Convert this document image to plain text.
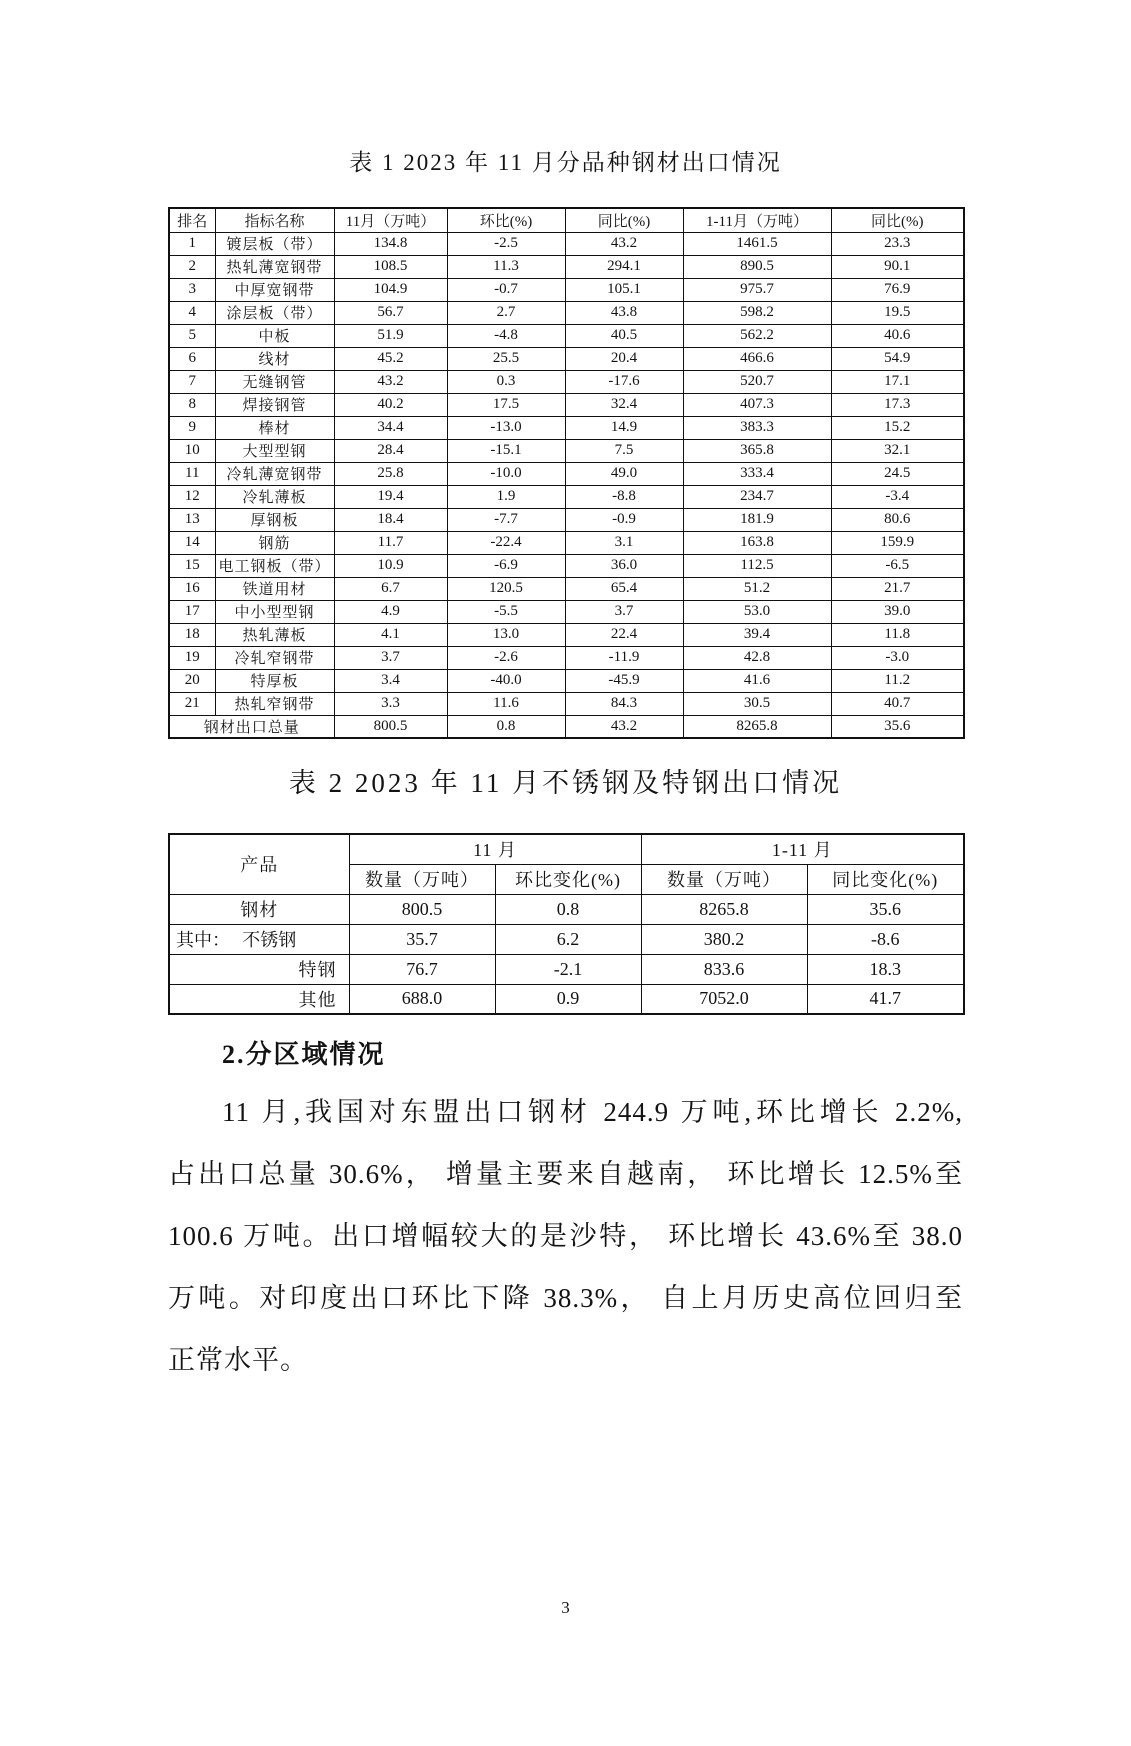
表 1 2023 年 11 月分品种钢材出口情况
排名	指标名称	11月（万吨）	环比(%)	同比(%)	1-11月（万吨）	同比(%)
1	镀层板（带）	134.8	-2.5	43.2	1461.5	23.3
2	热轧薄宽钢带	108.5	11.3	294.1	890.5	90.1
3	中厚宽钢带	104.9	-0.7	105.1	975.7	76.9
4	涂层板（带）	56.7	2.7	43.8	598.2	19.5
5	中板	51.9	-4.8	40.5	562.2	40.6
6	线材	45.2	25.5	20.4	466.6	54.9
7	无缝钢管	43.2	0.3	-17.6	520.7	17.1
8	焊接钢管	40.2	17.5	32.4	407.3	17.3
9	棒材	34.4	-13.0	14.9	383.3	15.2
10	大型型钢	28.4	-15.1	7.5	365.8	32.1
11	冷轧薄宽钢带	25.8	-10.0	49.0	333.4	24.5
12	冷轧薄板	19.4	1.9	-8.8	234.7	-3.4
13	厚钢板	18.4	-7.7	-0.9	181.9	80.6
14	钢筋	11.7	-22.4	3.1	163.8	159.9
15	电工钢板（带）	10.9	-6.9	36.0	112.5	-6.5
16	铁道用材	6.7	120.5	65.4	51.2	21.7
17	中小型型钢	4.9	-5.5	3.7	53.0	39.0
18	热轧薄板	4.1	13.0	22.4	39.4	11.8
19	冷轧窄钢带	3.7	-2.6	-11.9	42.8	-3.0
20	特厚板	3.4	-40.0	-45.9	41.6	11.2
21	热轧窄钢带	3.3	11.6	84.3	30.5	40.7
钢材出口总量		800.5	0.8	43.2	8265.8	35.6
表 2 2023 年 11 月不锈钢及特钢出口情况
产品	11 月		1-11 月	
	数量（万吨）	环比变化(%)	数量（万吨）	同比变化(%)
钢材	800.5	0.8	8265.8	35.6

其中： 不锈钢	35.7	6.2	380.2	-8.6
特钢	76.7	-2.1	833.6	18.3
其他	688.0	0.9	7052.0	41.7
2.分区域情况
11 月,我国对东盟出口钢材 244.9 万吨,环比增长 2.2%,
占出口总量 30.6%， 增量主要来自越南， 环比增长 12.5%至
100.6 万吨。出口增幅较大的是沙特， 环比增长 43.6%至 38.0
万吨。对印度出口环比下降 38.3%， 自上月历史高位回归至
正常水平。
3
